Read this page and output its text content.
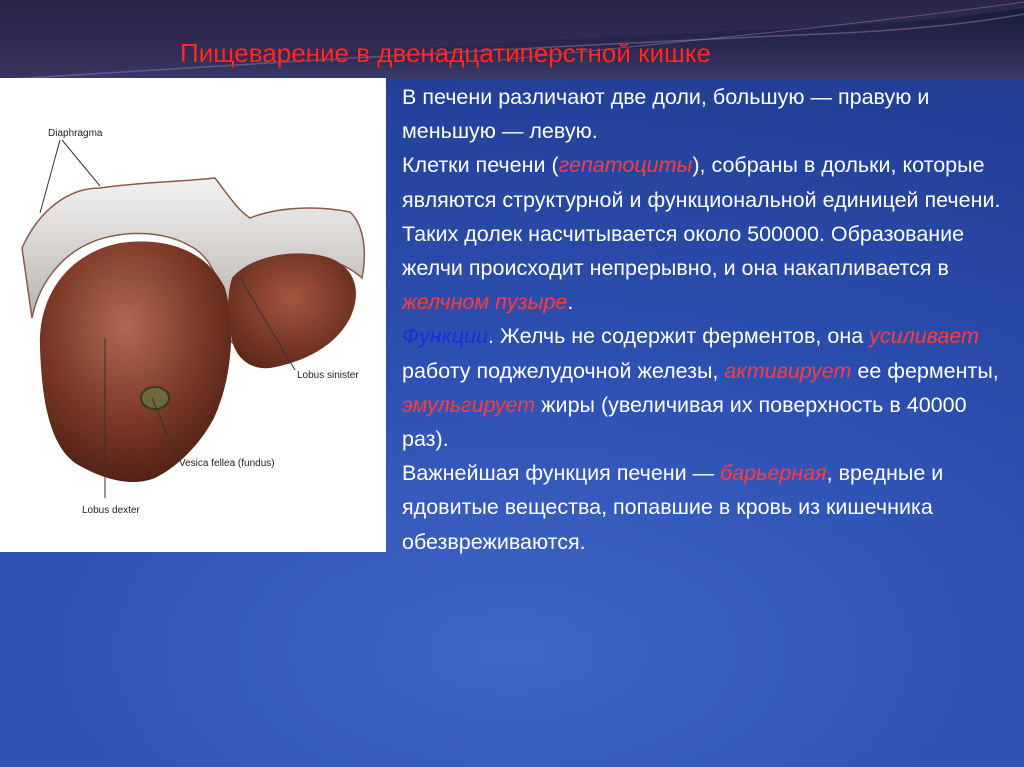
Пищеварение в двенадцатиперстной кишке
Diaphragma
Lobus sinister
Vesica fellea (fundus)
Lobus dexter

В печени различают две доли, большую — правую и меньшую — левую.

Клетки печени (гепатоциты), собраны в дольки, которые являются структурной и функциональной единицей печени. Таких долек насчитывается около 500000. Образование желчи происходит непрерывно, и она накапливается в желчном пузыре.

Функции. Желчь не содержит ферментов, она усиливает работу поджелудочной железы, активирует ее ферменты, эмульгирует жиры (увеличивая их поверхность в 40000 раз).

Важнейшая функция печени — барьерная, вредные и ядовитые вещества, попавшие в кровь из кишечника обезвреживаются.
